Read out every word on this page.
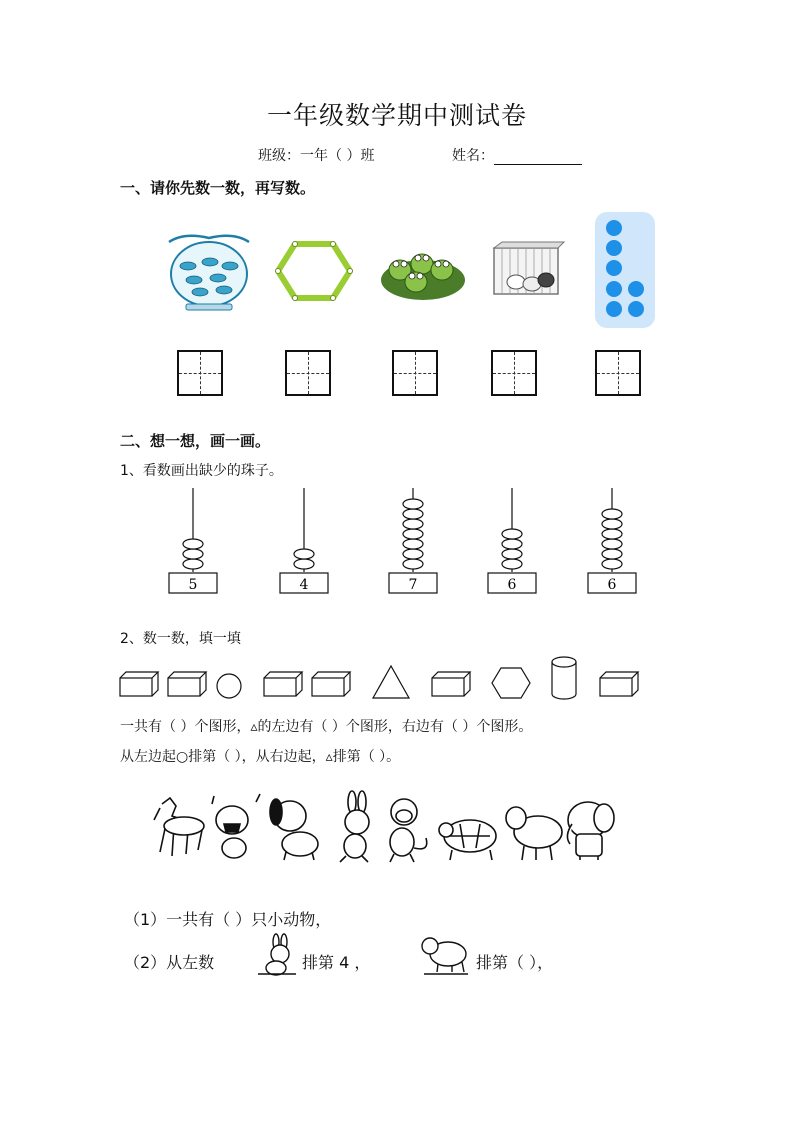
一年级数学期中测试卷
班级：一年（ ）班	姓名：
一、请你先数一数，再写数。
二、想一想，画一画。
1、看数画出缺少的珠子。
5	4	7	6	6
2、数一数，填一填
一共有（ ）个图形，▵的左边有（ ）个图形，右边有（ ）个图形。
从左边起○排第（ ），从右边起，▵排第（ ）。
（1）一共有（ ）只小动物，
（2）从左数	排第 4 ，	排第（ ），
